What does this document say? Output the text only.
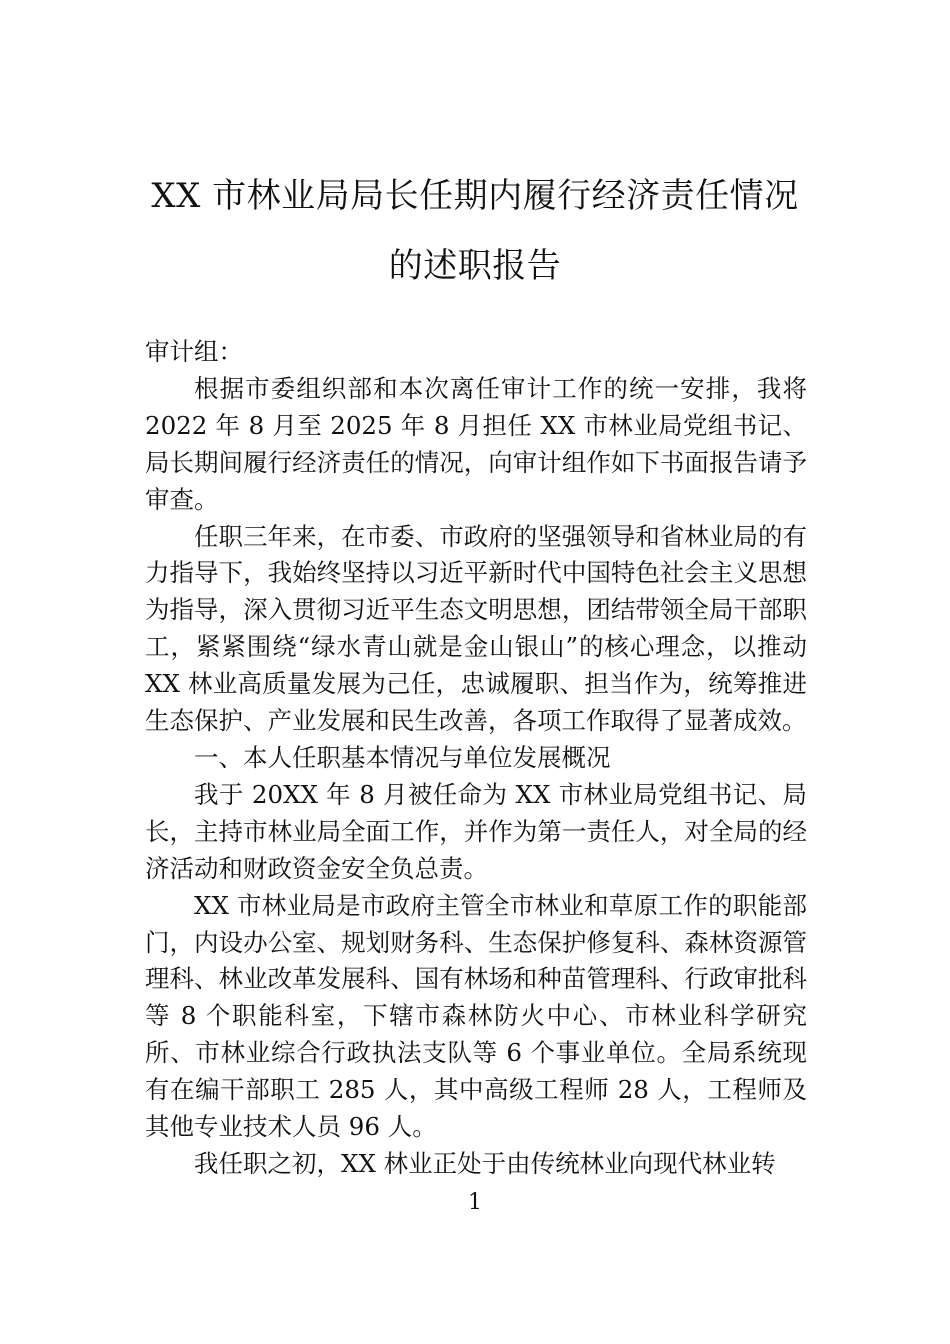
XX 市林业局局长任期内履行经济责任情况
的述职报告

审计组：

根据市委组织部和本次离任审计工作的统一安排，我将 2022 年 8 月至 2025 年 8 月担任 XX 市林业局党组书记、局长期间履行经济责任的情况，向审计组作如下书面报告请予审查。

任职三年来，在市委、市政府的坚强领导和省林业局的有力指导下，我始终坚持以习近平新时代中国特色社会主义思想为指导，深入贯彻习近平生态文明思想，团结带领全局干部职工，紧紧围绕“绿水青山就是金山银山”的核心理念，以推动 XX 林业高质量发展为己任，忠诚履职、担当作为，统筹推进生态保护、产业发展和民生改善，各项工作取得了显著成效。

一、本人任职基本情况与单位发展概况

我于 20XX 年 8 月被任命为 XX 市林业局党组书记、局长，主持市林业局全面工作，并作为第一责任人，对全局的经济活动和财政资金安全负总责。

XX 市林业局是市政府主管全市林业和草原工作的职能部门，内设办公室、规划财务科、生态保护修复科、森林资源管理科、林业改革发展科、国有林场和种苗管理科、行政审批科等 8 个职能科室，下辖市森林防火中心、市林业科学研究所、市林业综合行政执法支队等 6 个事业单位。全局系统现有在编干部职工 285 人，其中高级工程师 28 人，工程师及其他专业技术人员 96 人。

我任职之初，XX 林业正处于由传统林业向现代林业转

1
